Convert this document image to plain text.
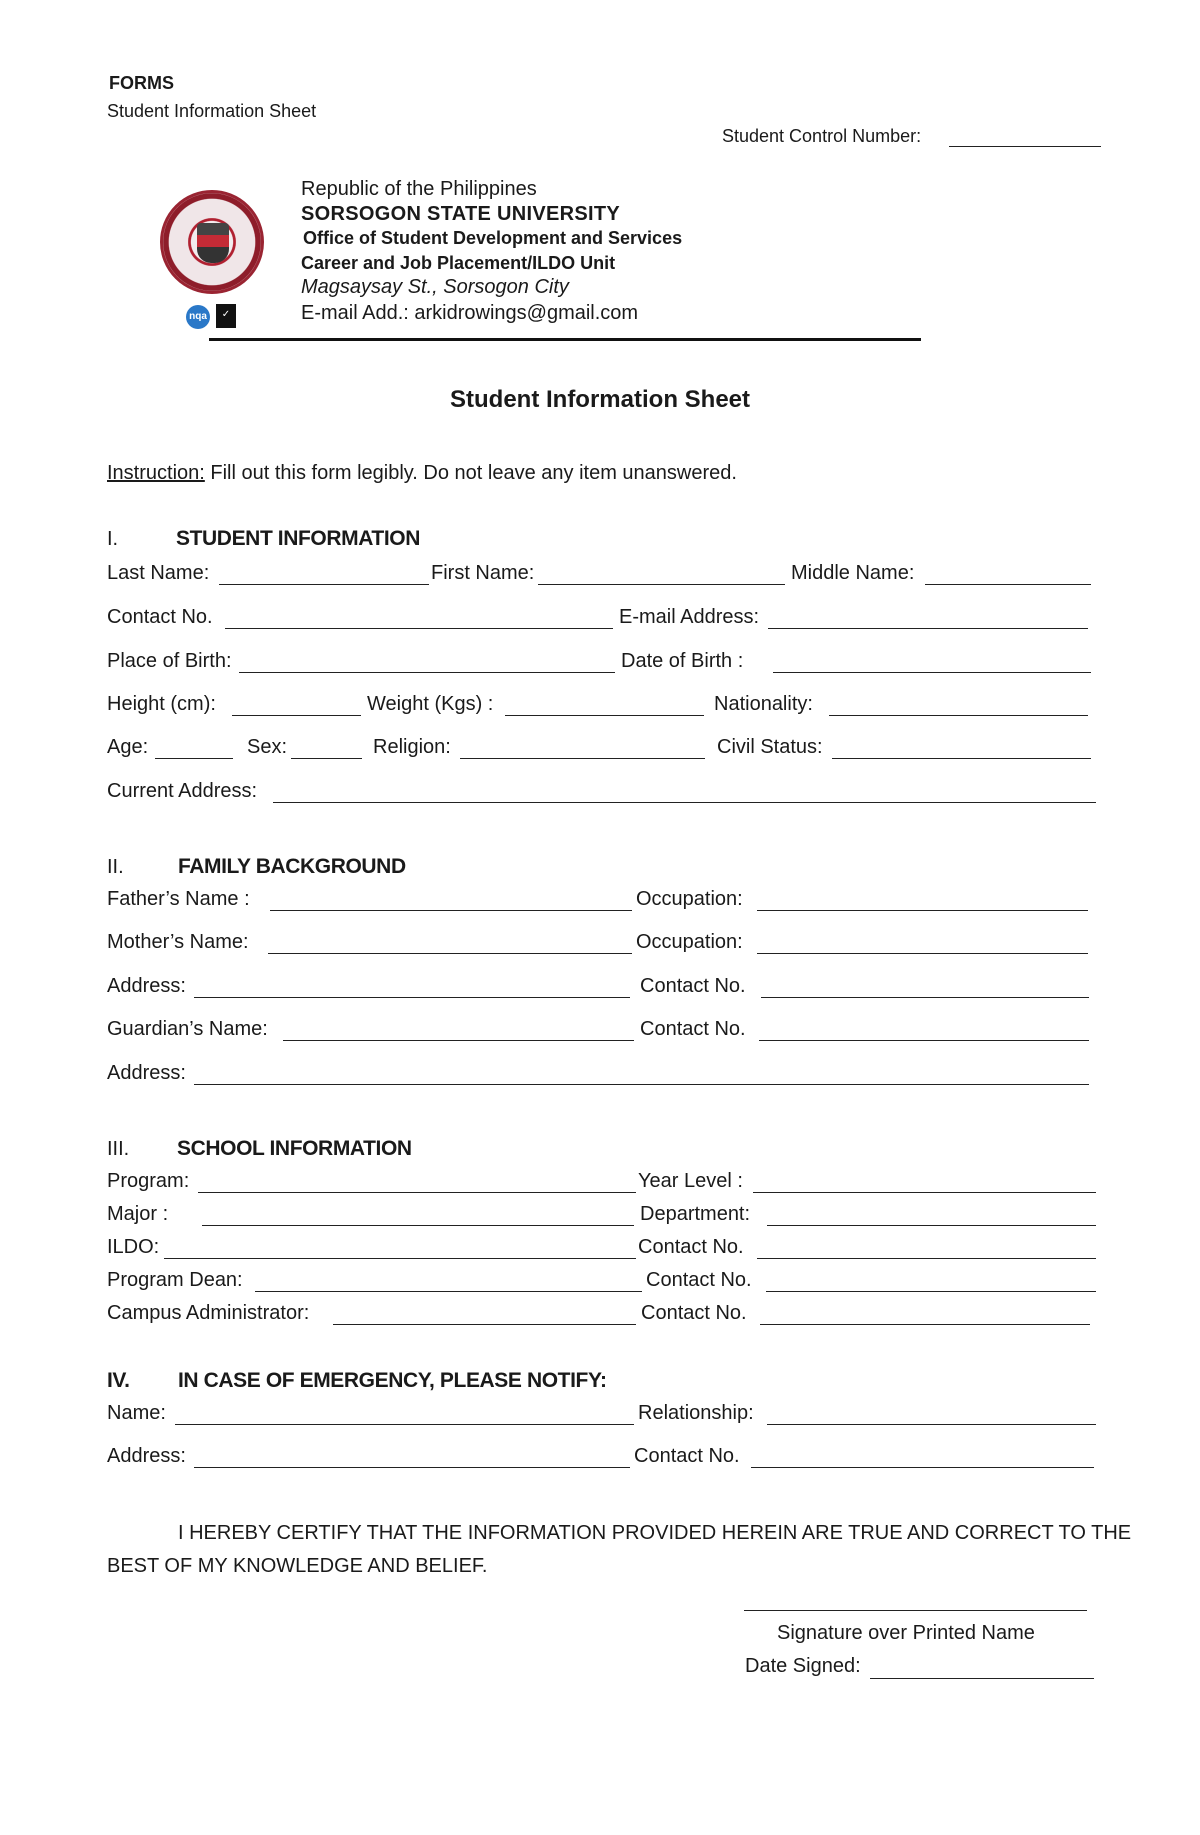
FORMS
Student Information Sheet
Student Control Number:
nqa	✓
Republic of the Philippines
SORSOGON STATE UNIVERSITY
Office of Student Development and Services
Career and Job Placement/ILDO Unit
Magsaysay St., Sorsogon City
E-mail Add.: arkidrowings@gmail.com
Student Information Sheet
Instruction: Fill out this form legibly. Do not leave any item unanswered.
I.	STUDENT INFORMATION
Last Name:	First Name:	Middle Name:
Contact No.	E-mail Address:
Place of Birth:	Date of Birth :
Height (cm):	Weight (Kgs) :	Nationality:
Age:	Sex:	Religion:	Civil Status:
Current Address:
II.	FAMILY BACKGROUND
Father’s Name :	Occupation:
Mother’s Name:	Occupation:
Address:	Contact No.
Guardian’s Name:	Contact No.
Address:
III. SCHOOL INFORMATION
Program:	Year Level :
Major :	Department:
ILDO:	Contact No.
Program Dean:	Contact No.
Campus Administrator:	Contact No.
IV. IN CASE OF EMERGENCY, PLEASE NOTIFY:
Name:	Relationship:
Address:	Contact No.
I HEREBY CERTIFY THAT THE INFORMATION PROVIDED HEREIN ARE TRUE AND CORRECT TO THE
BEST OF MY KNOWLEDGE AND BELIEF.
Signature over Printed Name
Date Signed:
